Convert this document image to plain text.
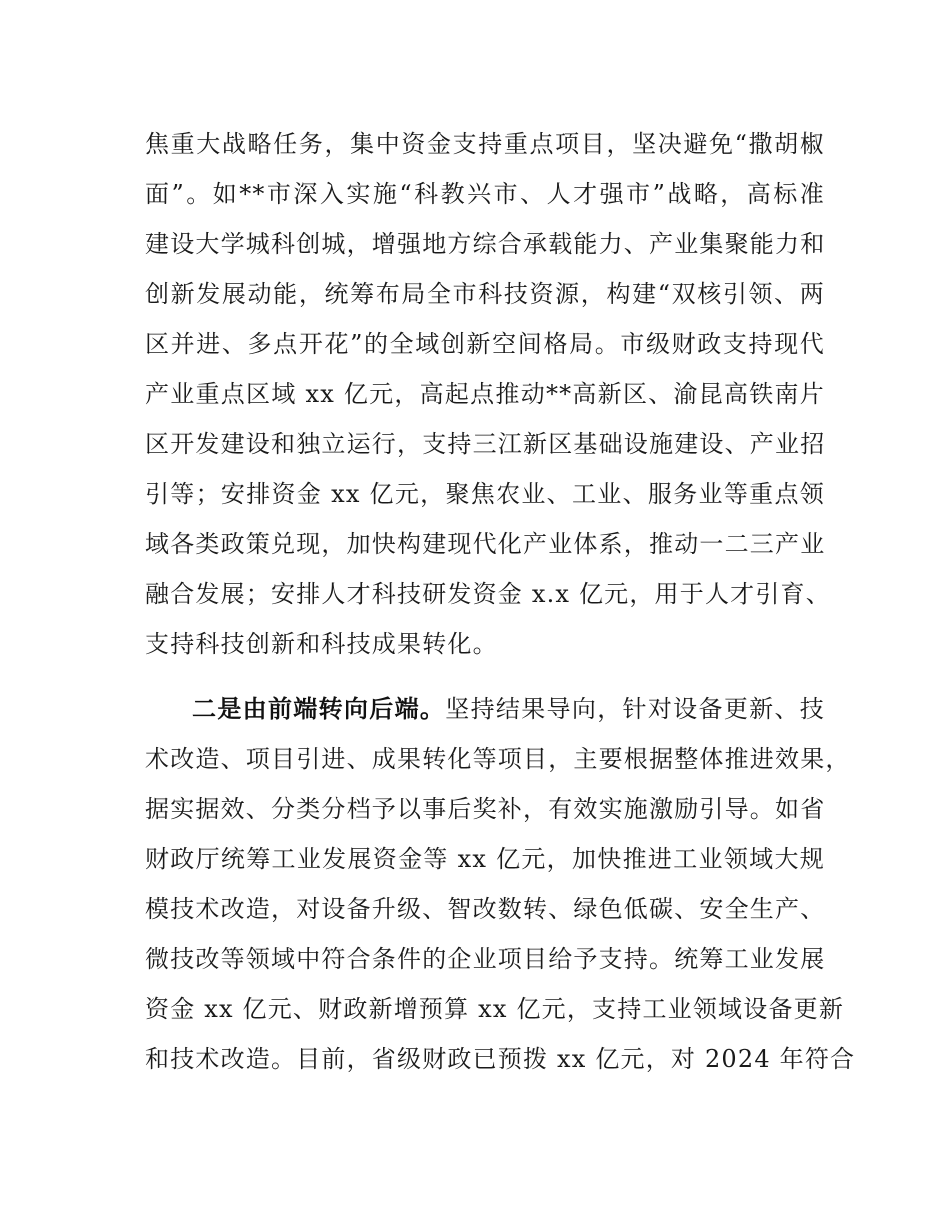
焦重大战略任务，集中资金支持重点项目，坚决避免“撒胡椒
面”。如**市深入实施“科教兴市、人才强市”战略，高标准
建设大学城科创城，增强地方综合承载能力、产业集聚能力和
创新发展动能，统筹布局全市科技资源，构建“双核引领、两
区并进、多点开花”的全域创新空间格局。市级财政支持现代
产业重点区域 xx 亿元，高起点推动**高新区、渝昆高铁南片
区开发建设和独立运行，支持三江新区基础设施建设、产业招
引等；安排资金 xx 亿元，聚焦农业、工业、服务业等重点领
域各类政策兑现，加快构建现代化产业体系，推动一二三产业
融合发展；安排人才科技研发资金 x.x 亿元，用于人才引育、
支持科技创新和科技成果转化。
二是由前端转向后端。坚持结果导向，针对设备更新、技
术改造、项目引进、成果转化等项目，主要根据整体推进效果，
据实据效、分类分档予以事后奖补，有效实施激励引导。如省
财政厅统筹工业发展资金等 xx 亿元，加快推进工业领域大规
模技术改造，对设备升级、智改数转、绿色低碳、安全生产、
微技改等领域中符合条件的企业项目给予支持。统筹工业发展
资金 xx 亿元、财政新增预算 xx 亿元，支持工业领域设备更新
和技术改造。目前，省级财政已预拨 xx 亿元，对 2024 年符合
